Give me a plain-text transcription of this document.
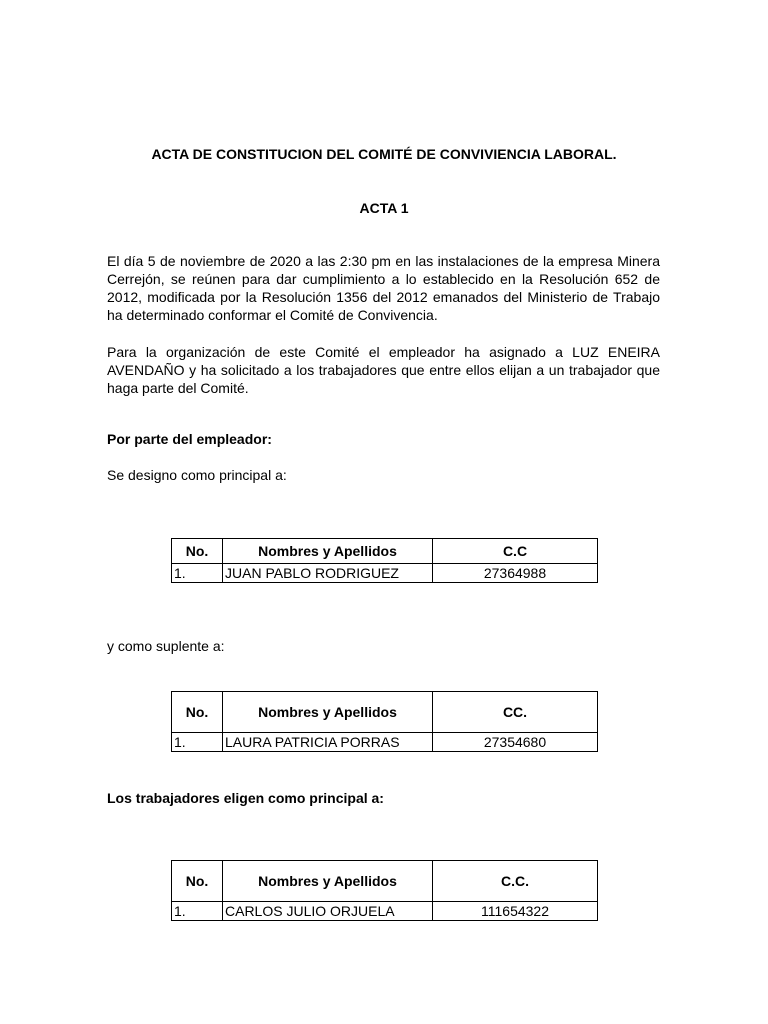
ACTA DE CONSTITUCION DEL COMITÉ DE CONVIVIENCIA LABORAL.
ACTA 1
El día 5 de noviembre de 2020 a las 2:30 pm en las instalaciones de la empresa Minera Cerrejón, se reúnen para dar cumplimiento a lo establecido en la Resolución 652 de 2012, modificada por la Resolución 1356 del 2012 emanados del Ministerio de Trabajo ha determinado conformar el Comité de Convivencia.
Para la organización de este Comité el empleador ha asignado a LUZ ENEIRA AVENDAÑO y ha solicitado a los trabajadores que entre ellos elijan a un trabajador que haga parte del Comité.
Por parte del empleador:
Se designo como principal a:
No.	Nombres y Apellidos	C.C
1.	JUAN PABLO RODRIGUEZ	27364988
y como suplente a:
No.	Nombres y Apellidos	CC.
1.	LAURA PATRICIA PORRAS	27354680
Los trabajadores eligen como principal a:
No.	Nombres y Apellidos	C.C.
1.	CARLOS JULIO ORJUELA	111654322
